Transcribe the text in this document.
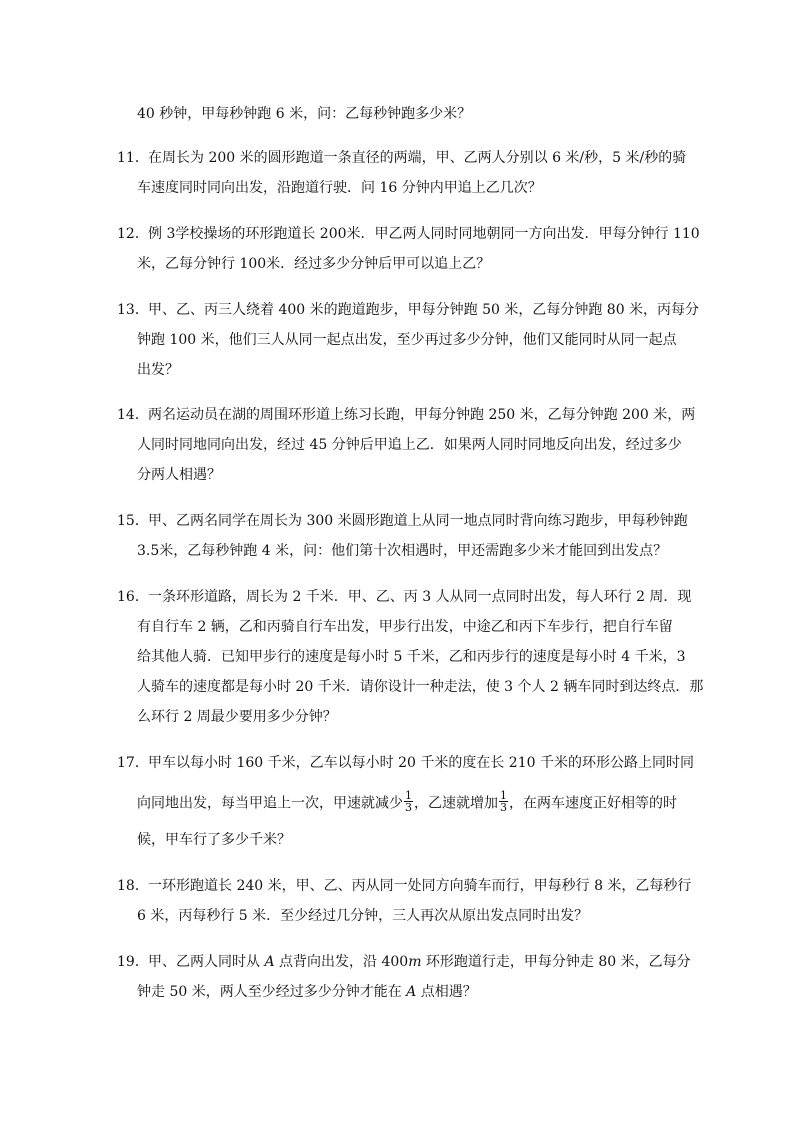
40 秒钟，甲每秒钟跑 6 米，问：乙每秒钟跑多少米？
11． 在周长为 200 米的圆形跑道一条直径的两端，甲、乙两人分别以 6 米/秒，5 米/秒的骑
车速度同时同向出发，沿跑道行驶．问 16 分钟内甲追上乙几次？
12． 例 3学校操场的环形跑道长 200米．甲乙两人同时同地朝同一方向出发．甲每分钟行 110
米，乙每分钟行 100米．经过多少分钟后甲可以追上乙？
13． 甲、乙、丙三人绕着 400 米的跑道跑步，甲每分钟跑 50 米，乙每分钟跑 80 米，丙每分
钟跑 100 米，他们三人从同一起点出发，至少再过多少分钟，他们又能同时从同一起点
出发？
14． 两名运动员在湖的周围环形道上练习长跑，甲每分钟跑 250 米，乙每分钟跑 200 米，两
人同时同地同向出发，经过 45 分钟后甲追上乙．如果两人同时同地反向出发，经过多少
分两人相遇？
15． 甲、乙两名同学在周长为 300 米圆形跑道上从同一地点同时背向练习跑步，甲每秒钟跑
3.5米，乙每秒钟跑 4 米，问：他们第十次相遇时，甲还需跑多少米才能回到出发点？
16． 一条环形道路，周长为 2 千米．甲、乙、丙 3 人从同一点同时出发，每人环行 2 周．现
有自行车 2 辆，乙和丙骑自行车出发，甲步行出发，中途乙和丙下车步行，把自行车留
给其他人骑．已知甲步行的速度是每小时 5 千米，乙和丙步行的速度是每小时 4 千米，3
人骑车的速度都是每小时 20 千米．请你设计一种走法，使 3 个人 2 辆车同时到达终点．那
么环行 2 周最少要用多少分钟？
17． 甲车以每小时 160 千米，乙车以每小时 20 千米的度在长 210 千米的环形公路上同时同
向同地出发，每当甲追上一次，甲速就减少 $\frac{1}{3}$ ，乙速就增加 $\frac{1}{3}$ ，在两车速度正好相等的时
候，甲车行了多少千米？
18． 一环形跑道长 240 米，甲、乙、丙从同一处同方向骑车而行，甲每秒行 8 米，乙每秒行
6 米，丙每秒行 5 米．至少经过几分钟，三人再次从原出发点同时出发？
19． 甲、乙两人同时从 A 点背向出发，沿 400m 环形跑道行走，甲每分钟走 80 米，乙每分
钟走 50 米，两人至少经过多少分钟才能在 A 点相遇？
